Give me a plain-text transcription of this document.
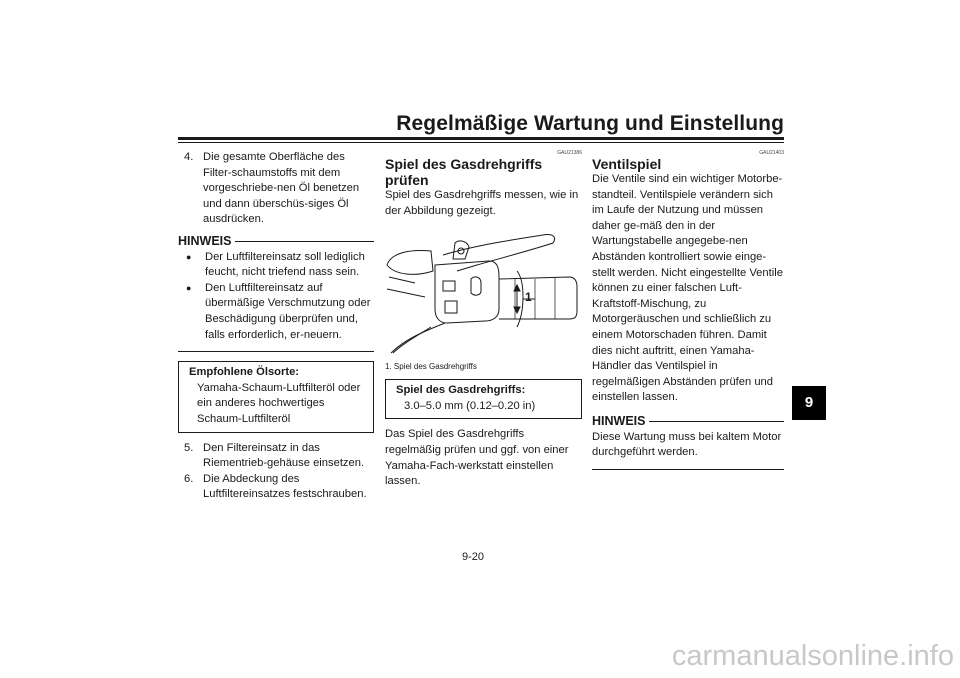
Regelmäßige Wartung und Einstellung
4. Die gesamte Oberfläche des Filter-schaumstoffs mit dem vorgeschriebe-nen Öl benetzen und dann überschüs-siges Öl ausdrücken.
HINWEIS
●	Der Luftfiltereinsatz soll lediglich feucht, nicht triefend nass sein.
●	Den Luftfiltereinsatz auf übermäßige Verschmutzung oder Beschädigung überprüfen und, falls erforderlich, er-neuern.
Empfohlene Ölsorte:
Yamaha-Schaum-Luftfilteröl oder ein anderes hochwertiges Schaum-Luftfilteröl
5. Den Filtereinsatz in das Riementrieb-gehäuse einsetzen.
6. Die Abdeckung des Luftfiltereinsatzes festschrauben.
GAU21386
Spiel des Gasdrehgriffs prüfen
Spiel des Gasdrehgriffs messen, wie in der Abbildung gezeigt.
1
1. Spiel des Gasdrehgriffs
Spiel des Gasdrehgriffs:
3.0–5.0 mm (0.12–0.20 in)
Das Spiel des Gasdrehgriffs regelmäßig prüfen und ggf. von einer Yamaha-Fach-werkstatt einstellen lassen.
GAU21403
Ventilspiel
Die Ventile sind ein wichtiger Motorbe-standteil. Ventilspiele verändern sich im Laufe der Nutzung und müssen daher ge-mäß den in der Wartungstabelle angegebe-nen Abständen kontrolliert sowie einge-stellt werden. Nicht eingestellte Ventile können zu einer falschen Luft-Kraftstoff-Mischung, zu Motorgeräuschen und schließlich zu einem Motorschaden führen. Damit dies nicht auftritt, einen Yamaha-Händler das Ventilspiel in regelmäßigen Abständen prüfen und einstellen lassen.
HINWEIS
Diese Wartung muss bei kaltem Motor durchgeführt werden.
9-20
9
carmanualsonline.info
